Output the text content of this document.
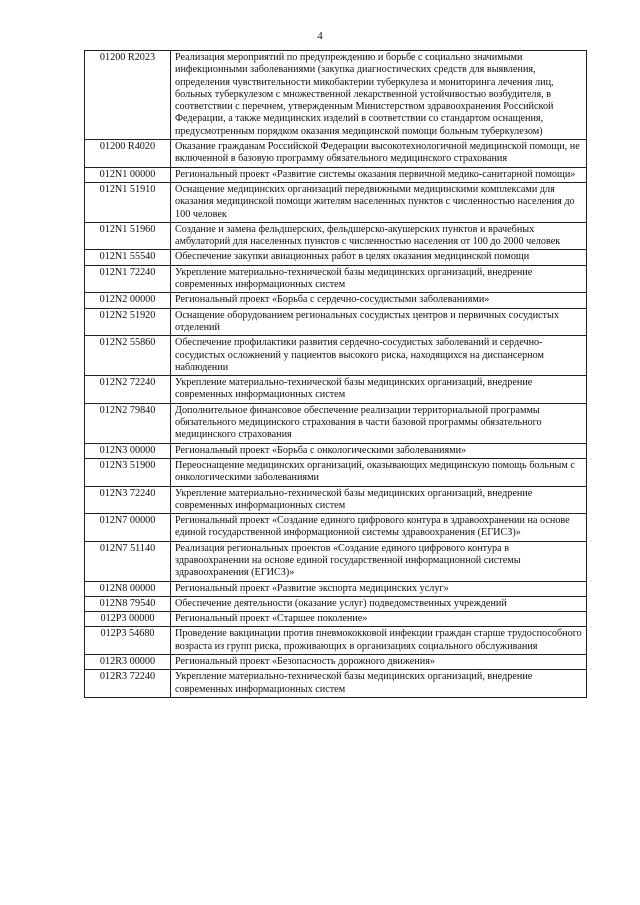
4
01200 R2023	Реализация мероприятий по предупреждению и борьбе с социально значимыми инфекционными заболеваниями (закупка диагностических средств для выявления, определения чувствительности микобактерии туберкулеза и мониторинга лечения лиц, больных туберкулезом с множественной лекарственной устойчивостью возбудителя, в соответствии с перечнем, утвержденным Министерством здравоохранения Российской Федерации, а также медицинских изделий в соответствии со стандартом оснащения, предусмотренным порядком оказания медицинской помощи больным туберкулезом)
01200 R4020	Оказание гражданам Российской Федерации высокотехнологичной медицинской помощи, не включенной в базовую программу обязательного медицинского страхования
012N1 00000	Региональный проект «Развитие системы оказания первичной медико-санитарной помощи»
012N1 51910	Оснащение медицинских организаций передвижными медицинскими комплексами для оказания медицинской помощи жителям населенных пунктов с численностью населения до 100 человек
012N1 51960	Создание и замена фельдшерских, фельдшерско-акушерских пунктов и врачебных амбулаторий для населенных пунктов с численностью населения от 100 до 2000 человек
012N1 55540	Обеспечение закупки авиационных работ в целях оказания медицинской помощи
012N1 72240	Укрепление материально-технической базы медицинских организаций, внедрение современных информационных систем
012N2 00000	Региональный проект «Борьба с сердечно-сосудистыми заболеваниями»
012N2 51920	Оснащение оборудованием региональных сосудистых центров и первичных сосудистых отделений
012N2 55860	Обеспечение профилактики развития сердечно-сосудистых заболеваний и сердечно-сосудистых осложнений у пациентов высокого риска, находящихся на диспансерном наблюдении
012N2 72240	Укрепление материально-технической базы медицинских организаций, внедрение современных информационных систем
012N2 79840	Дополнительное финансовое обеспечение реализации территориальной программы обязательного медицинского страхования в части базовой программы обязательного медицинского страхования
012N3 00000	Региональный проект «Борьба с онкологическими заболеваниями»
012N3 51900	Переоснащение медицинских организаций, оказывающих медицинскую помощь больным с онкологическими заболеваниями
012N3 72240	Укрепление материально-технической базы медицинских организаций, внедрение современных информационных систем
012N7 00000	Региональный проект «Создание единого цифрового контура в здравоохранении на основе единой государственной информационной системы здравоохранения (ЕГИСЗ)»
012N7 51140	Реализация региональных проектов «Создание единого цифрового контура в здравоохранении на основе единой государственной информационной системы здравоохранения (ЕГИСЗ)»
012N8 00000	Региональный проект «Развитие экспорта медицинских услуг»
012N8 79540	Обеспечение деятельности (оказание услуг) подведомственных учреждений
012P3 00000	Региональный проект «Старшее поколение»
012P3 54680	Проведение вакцинации против пневмококковой инфекции граждан старше трудоспособного возраста из групп риска, проживающих в организациях социального обслуживания
012R3 00000	Региональный проект «Безопасность дорожного движения»
012R3 72240	Укрепление материально-технической базы медицинских организаций, внедрение современных информационных систем
